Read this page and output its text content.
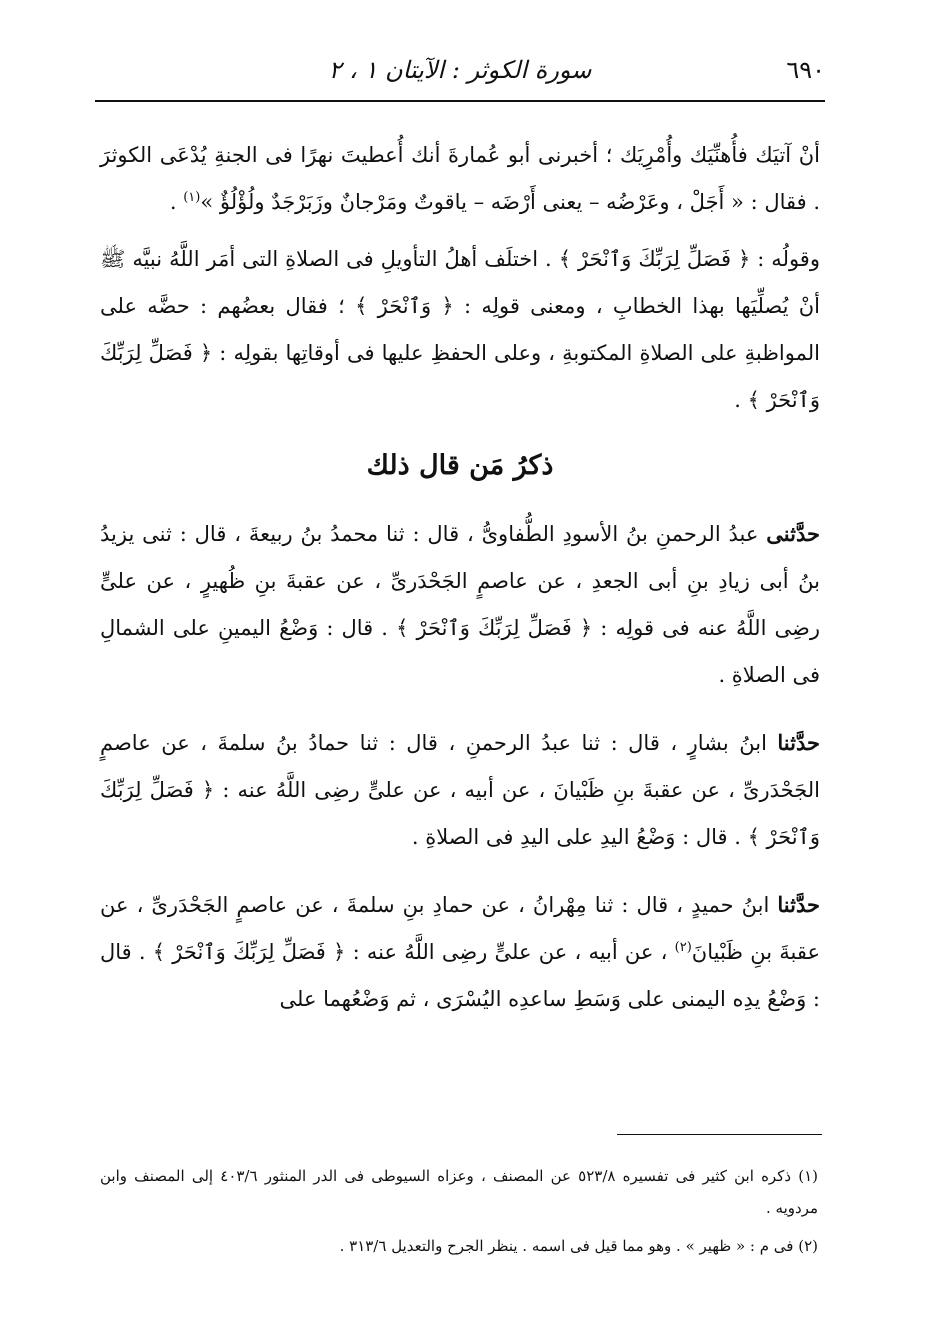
٦٩٠
سورة الكوثر : الآيتان ١ ، ٢

أنْ آتيَك فأُهنِّيَك وأُمْرِيَك ؛ أخبرنى أبو عُمارةَ أنك أُعطيتَ نهرًا فى الجنةِ يُدْعَى الكوثرَ . فقال : « أَجَلْ ، وعَرْضُه – يعنى أَرْضَه – ياقوتٌ ومَرْجانٌ وزَبَرْجَدٌ ولُؤْلُؤٌ »$^{(١)}$ .

وقولُه : ﴿ فَصَلِّ لِرَبِّكَ وَٱنْحَرْ ﴾ . اختلَف أهلُ التأويلِ فى الصلاةِ التى أمَر اللَّهُ نبيَّه ﷺ أنْ يُصلِّيَها بهذا الخطابِ ، ومعنى قولِه : ﴿ وَٱنْحَرْ ﴾ ؛ فقال بعضُهم : حضَّه على المواظبةِ على الصلاةِ المكتوبةِ ، وعلى الحفظِ عليها فى أوقاتِها بقولِه : ﴿ فَصَلِّ لِرَبِّكَ وَٱنْحَرْ ﴾ .

ذكرُ مَن قال ذلك

حدَّثنى عبدُ الرحمنِ بنُ الأسودِ الطُّفاوىُّ ، قال : ثنا محمدُ بنُ ربيعةَ ، قال : ثنى يزيدُ بنُ أبى زيادِ بنِ أبى الجعدِ ، عن عاصمٍ الجَحْدَرىِّ ، عن عقبةَ بنِ ظُهيرٍ ، عن علىٍّ رضِى اللَّهُ عنه فى قولِه : ﴿ فَصَلِّ لِرَبِّكَ وَٱنْحَرْ ﴾ . قال : وَضْعُ اليمينِ على الشمالِ فى الصلاةِ .

حدَّثنا ابنُ بشارٍ ، قال : ثنا عبدُ الرحمنِ ، قال : ثنا حمادُ بنُ سلمةَ ، عن عاصمٍ الجَحْدَرىِّ ، عن عقبةَ بنِ ظَبْيانَ ، عن أبيه ، عن علىٍّ رضِى اللَّهُ عنه : ﴿ فَصَلِّ لِرَبِّكَ وَٱنْحَرْ ﴾ . قال : وَضْعُ اليدِ على اليدِ فى الصلاةِ .

حدَّثنا ابنُ حميدٍ ، قال : ثنا مِهْرانُ ، عن حمادِ بنِ سلمةَ ، عن عاصمٍ الجَحْدَرىِّ ، عن عقبةَ بنِ ظَبْيانَ$^{(٢)}$ ، عن أبيه ، عن علىٍّ رضِى اللَّهُ عنه : ﴿ فَصَلِّ لِرَبِّكَ وَٱنْحَرْ ﴾ . قال : وَضْعُ يدِه اليمنى على وَسَطِ ساعدِه اليُسْرَى ، ثم وَضْعُهما على

(١) ذكره ابن كثير فى تفسيره ٥٢٣/٨ عن المصنف ، وعزاه السيوطى فى الدر المنثور ٤٠٣/٦ إلى المصنف وابن مردويه .

(٢) فى م : « ظهير » . وهو مما قيل فى اسمه . ينظر الجرح والتعديل ٣١٣/٦ .
